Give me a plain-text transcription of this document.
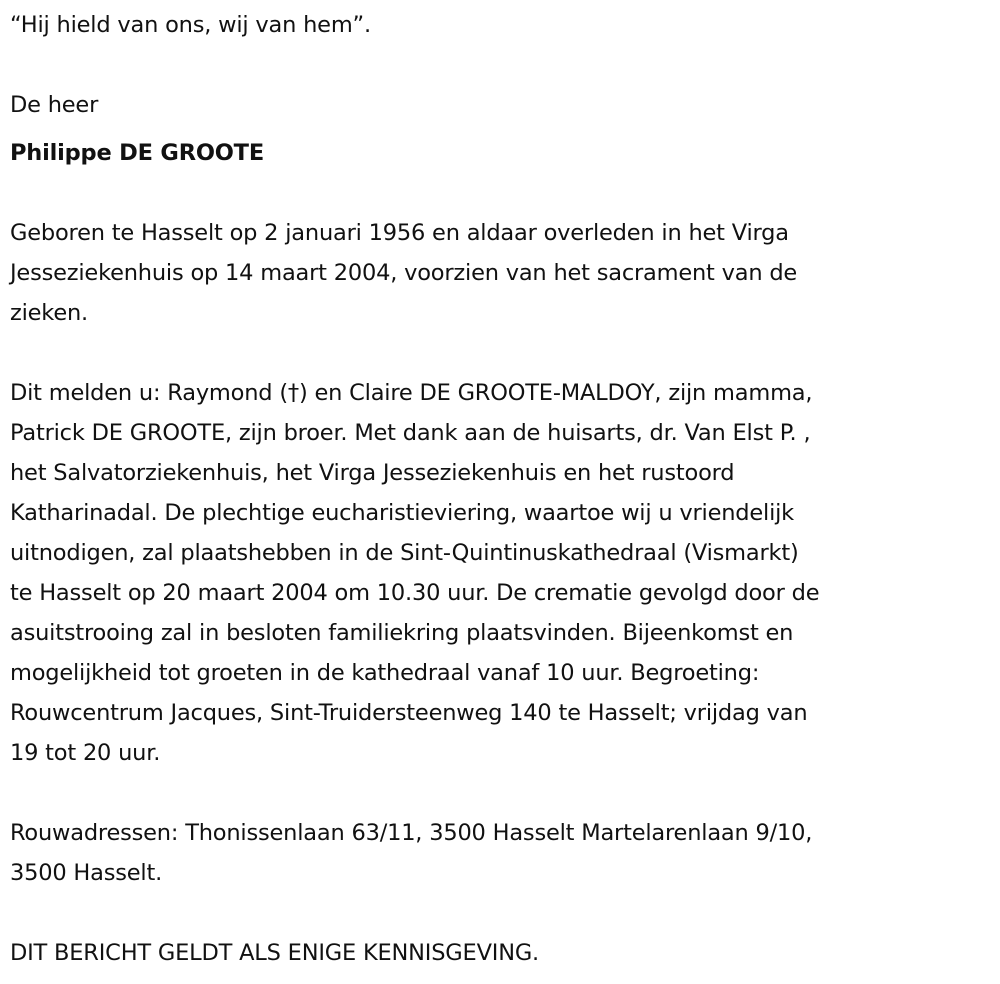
“Hij hield van ons, wij van hem”.
De heer
Philippe DE GROOTE
Geboren te Hasselt op 2 januari 1956 en aldaar overleden in het Virga
Jesseziekenhuis op 14 maart 2004, voorzien van het sacrament van de
zieken.
Dit melden u: Raymond (†) en Claire DE GROOTE-MALDOY, zijn mamma,
Patrick DE GROOTE, zijn broer. Met dank aan de huisarts, dr. Van Elst P. ,
het Salvatorziekenhuis, het Virga Jesseziekenhuis en het rustoord
Katharinadal. De plechtige eucharistieviering, waartoe wij u vriendelijk
uitnodigen, zal plaatshebben in de Sint-Quintinuskathedraal (Vismarkt)
te Hasselt op 20 maart 2004 om 10.30 uur. De crematie gevolgd door de
asuitstrooing zal in besloten familiekring plaatsvinden. Bijeenkomst en
mogelijkheid tot groeten in de kathedraal vanaf 10 uur. Begroeting:
Rouwcentrum Jacques, Sint-Truidersteenweg 140 te Hasselt; vrijdag van
19 tot 20 uur.
Rouwadressen: Thonissenlaan 63/11, 3500 Hasselt Martelarenlaan 9/10,
3500 Hasselt.
DIT BERICHT GELDT ALS ENIGE KENNISGEVING.
